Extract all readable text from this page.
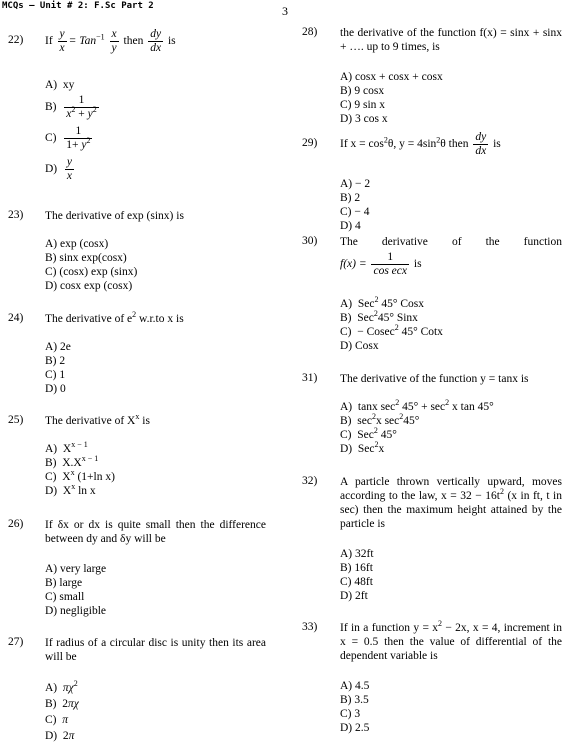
MCQs – Unit # 2: F.Sc Part 2	3
22) If $\frac{y}{x} = Tan^{-1} \frac{x}{y}$ then $\frac{dy}{dx}$ is
A) xy
$B) \frac{1}{x^2 + y^2}$
$C) \frac{1}{1+ y^2}$
$D) \frac{y}{x}$
23) The derivative of exp (sinx) is
A) exp (cosx)
B) sinx exp(cosx)
C) (cosx) exp (sinx)
D) cosx exp (cosx)
24) The derivative of $e^2$ w.r.to x is
A) 2e
B) 2
C) 1
D) 0
25) The derivative of $X^x$ is
A)  $X^{x - 1}$
B)  $X.X^{x - 1}$
C)  $X^x$ (1+ln x)
D)  $X^x$ ln x
26) If δx or dx is quite small then the difference between dy and δy will be
A) very large
B) large
C) small
D) negligible
27) If radius of a circular disc is unity then its area will be
A) $\pi\chi^2$
B)  2πχ
C) π
D)  2π
28) the derivative of the function f(x) = sinx + sinx + …. up to 9 times, is
A) cosx + cosx + cosx
B) 9 cosx
C) 9 sin x
D) 3 cos x
29) If $x = \cos^2\theta$, $y = 4\sin^2\theta$ then $\frac{dy}{dx}$ is
A) − 2
B) 2
C) − 4
D) 4
30) The derivative of the function
$f(x) = \frac{1}{\text{cos ecx}}$ is
A)  Sec$^2$ 45° Cosx
B)  Sec$^2$45° Sinx
C)  − Cosec$^2$ 45° Cotx
D) Cosx
31) The derivative of the function y = tanx is
A)  tanx $\sec^2 45^\circ + \sec^2 x$ tan 45°
B)  $\sec^2x$ $\sec^245^\circ$
C)  Sec$^2$ 45°
D)  Sec$^2$x
32) A particle thrown vertically upward, moves according to the law, $x = 32 - 16t^2$ (x in ft, t in sec) then the maximum height attained by the particle is
A) 32ft
B) 16ft
C) 48ft
D) 2ft
33) If in a function $y = x^2 - 2x$, x = 4, increment in x = 0.5 then the value of differential of the dependent variable is
A) 4.5
B) 3.5
C) 3
D) 2.5
